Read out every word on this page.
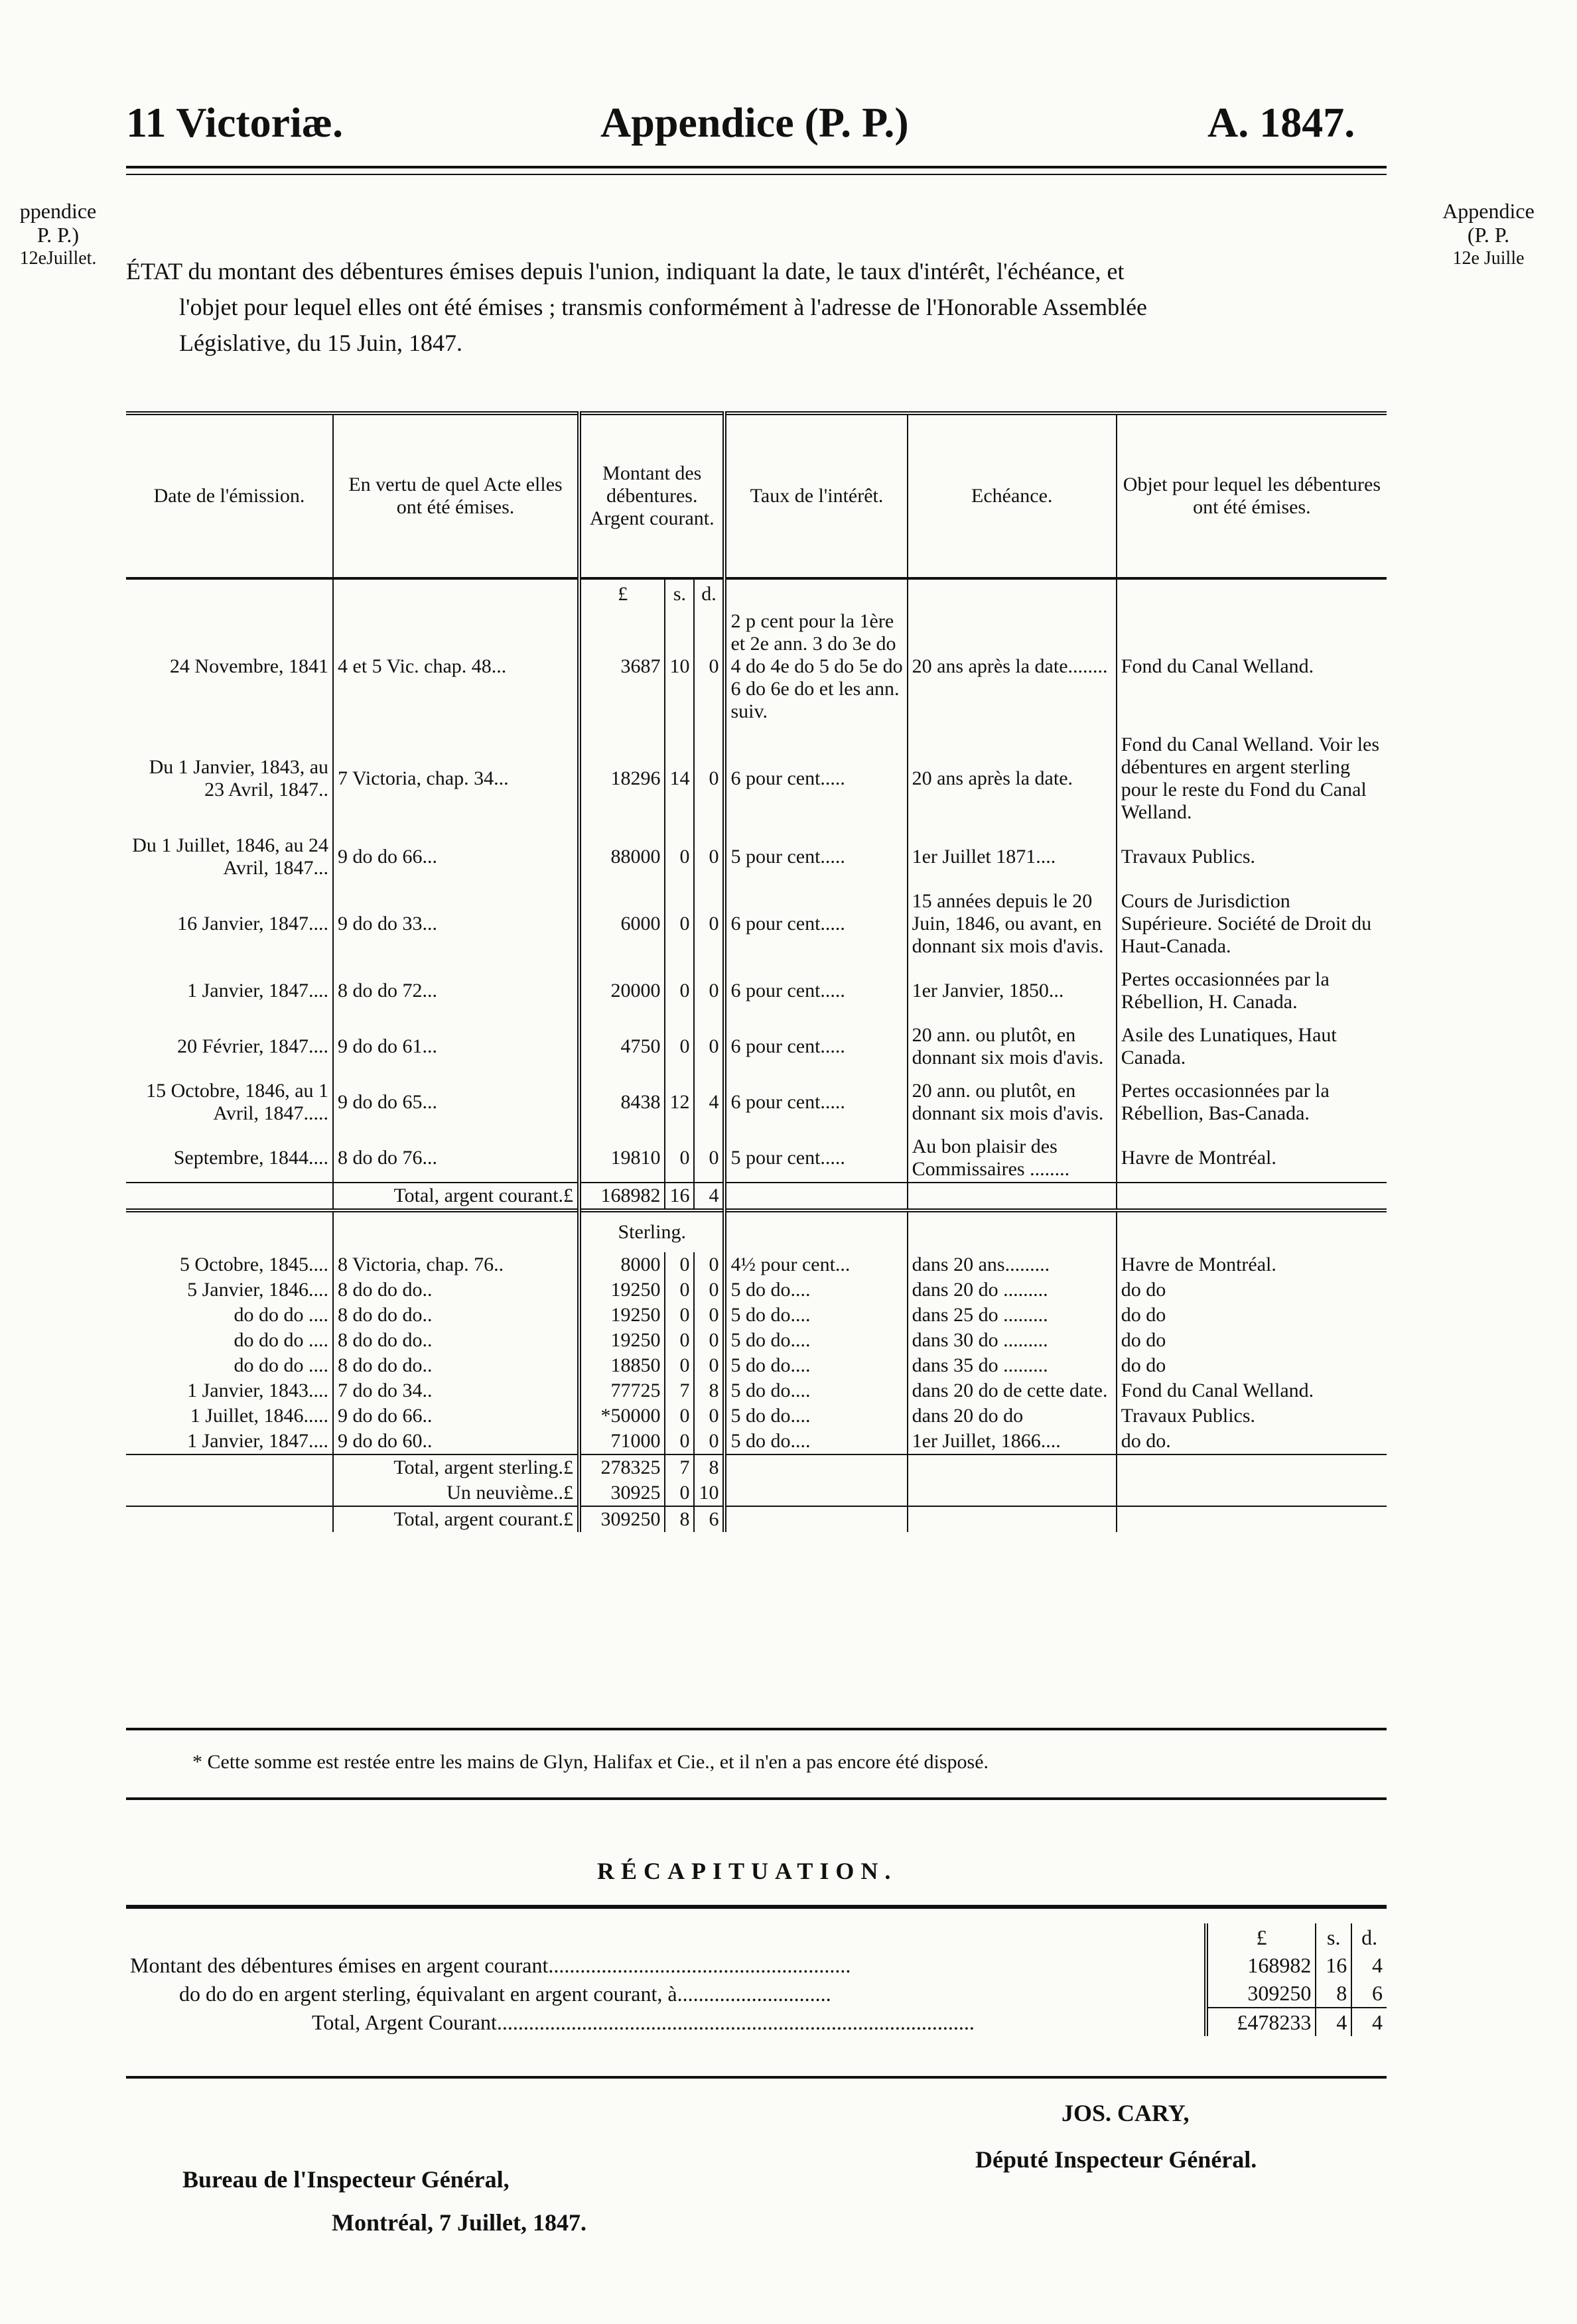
11 Victoriæ.	Appendice (P. P.)	A. 1847.
ppendice
P. P.)
12eJuillet.
Appendice
(P. P.
12e Juille

ÉTAT du montant des débentures émises depuis l'union, indiquant la date, le taux d'intérêt, l'échéance, et

l'objet pour lequel elles ont été émises ; transmis conformément à l'adresse de l'Honorable Assemblée

Législative, du 15 Juin, 1847.

Date de l'émission.	En vertu de quel Acte elles ont été émises.	Montant des débentures. Argent courant.			Taux de l'intérêt.	Echéance.	Objet pour lequel les débentures ont été émises.
		£	s.	d.			
24 Novembre, 1841	4 et 5 Vic. chap. 48...	3687	10	0	2 p cent pour la 1ère et 2e ann. 3 do 3e do 4 do 4e do 5 do 5e do 6 do 6e do et les ann. suiv.	20 ans après la date........	Fond du Canal Welland.

Du 1 Janvier, 1843, au 23 Avril, 1847..	7 Victoria, chap. 34...	18296	14	0	6 pour cent.....	20 ans après la date.	Fond du Canal Welland. Voir les débentures en argent sterling pour le reste du Fond du Canal Welland.

Du 1 Juillet, 1846, au 24 Avril, 1847...	9 do do 66...	88000	0	0	5 pour cent.....	1er Juillet 1871....	Travaux Publics.

16 Janvier, 1847....	9 do do 33...	6000	0	0	6 pour cent.....	15 années depuis le 20 Juin, 1846, ou avant, en donnant six mois d'avis.	Cours de Jurisdiction Supérieure. Société de Droit du Haut-Canada.

1 Janvier, 1847....	8 do do 72...	20000	0	0	6 pour cent.....	1er Janvier, 1850...	Pertes occasionnées par la Rébellion, H. Canada.

20 Février, 1847....	9 do do 61...	4750	0	0	6 pour cent.....	20 ann. ou plutôt, en donnant six mois d'avis.	Asile des Lunatiques, Haut Canada.

15 Octobre, 1846, au 1 Avril, 1847.....	9 do do 65...	8438	12	4	6 pour cent.....	20 ann. ou plutôt, en donnant six mois d'avis.	Pertes occasionnées par la Rébellion, Bas-Canada.

Septembre, 1844....	8 do do 76...	19810	0	0	5 pour cent.....	Au bon plaisir des Commissaires ........	Havre de Montréal.
	Total, argent courant.£	168982	16	4			
		Sterling.					
5 Octobre, 1845....	8 Victoria, chap. 76..	8000	0	0	4½ pour cent...	dans 20 ans.........	Havre de Montréal.
5 Janvier, 1846....	8 do do do..	19250	0	0	5 do do....	dans 20 do .........	do do
do do do ....	8 do do do..	19250	0	0	5 do do....	dans 25 do .........	do do
do do do ....	8 do do do..	19250	0	0	5 do do....	dans 30 do .........	do do
do do do ....	8 do do do..	18850	0	0	5 do do....	dans 35 do .........	do do
1 Janvier, 1843....	7 do do 34..	77725	7	8	5 do do....	dans 20 do de cette date.	Fond du Canal Welland.
1 Juillet, 1846.....	9 do do 66..	*50000	0	0	5 do do....	dans 20 do do	Travaux Publics.
1 Janvier, 1847....	9 do do 60..	71000	0	0	5 do do....	1er Juillet, 1866....	do do.
	Total, argent sterling.£	278325	7	8			
	Un neuvième..£	30925	0	10			
	Total, argent courant.£	309250	8	6			
* Cette somme est restée entre les mains de Glyn, Halifax et Cie., et il n'en a pas encore été disposé.
RÉCAPITUATION.
	£	s.	d.
Montant des débentures émises en argent courant.........................................................	168982	16	4
do do do en argent sterling, équivalant en argent courant, à.............................	309250	8	6
Total, Argent Courant..........................................................................................	£478233	4	4
JOS. CARY,
Député Inspecteur Général.
Bureau de l'Inspecteur Général,
Montréal, 7 Juillet, 1847.
